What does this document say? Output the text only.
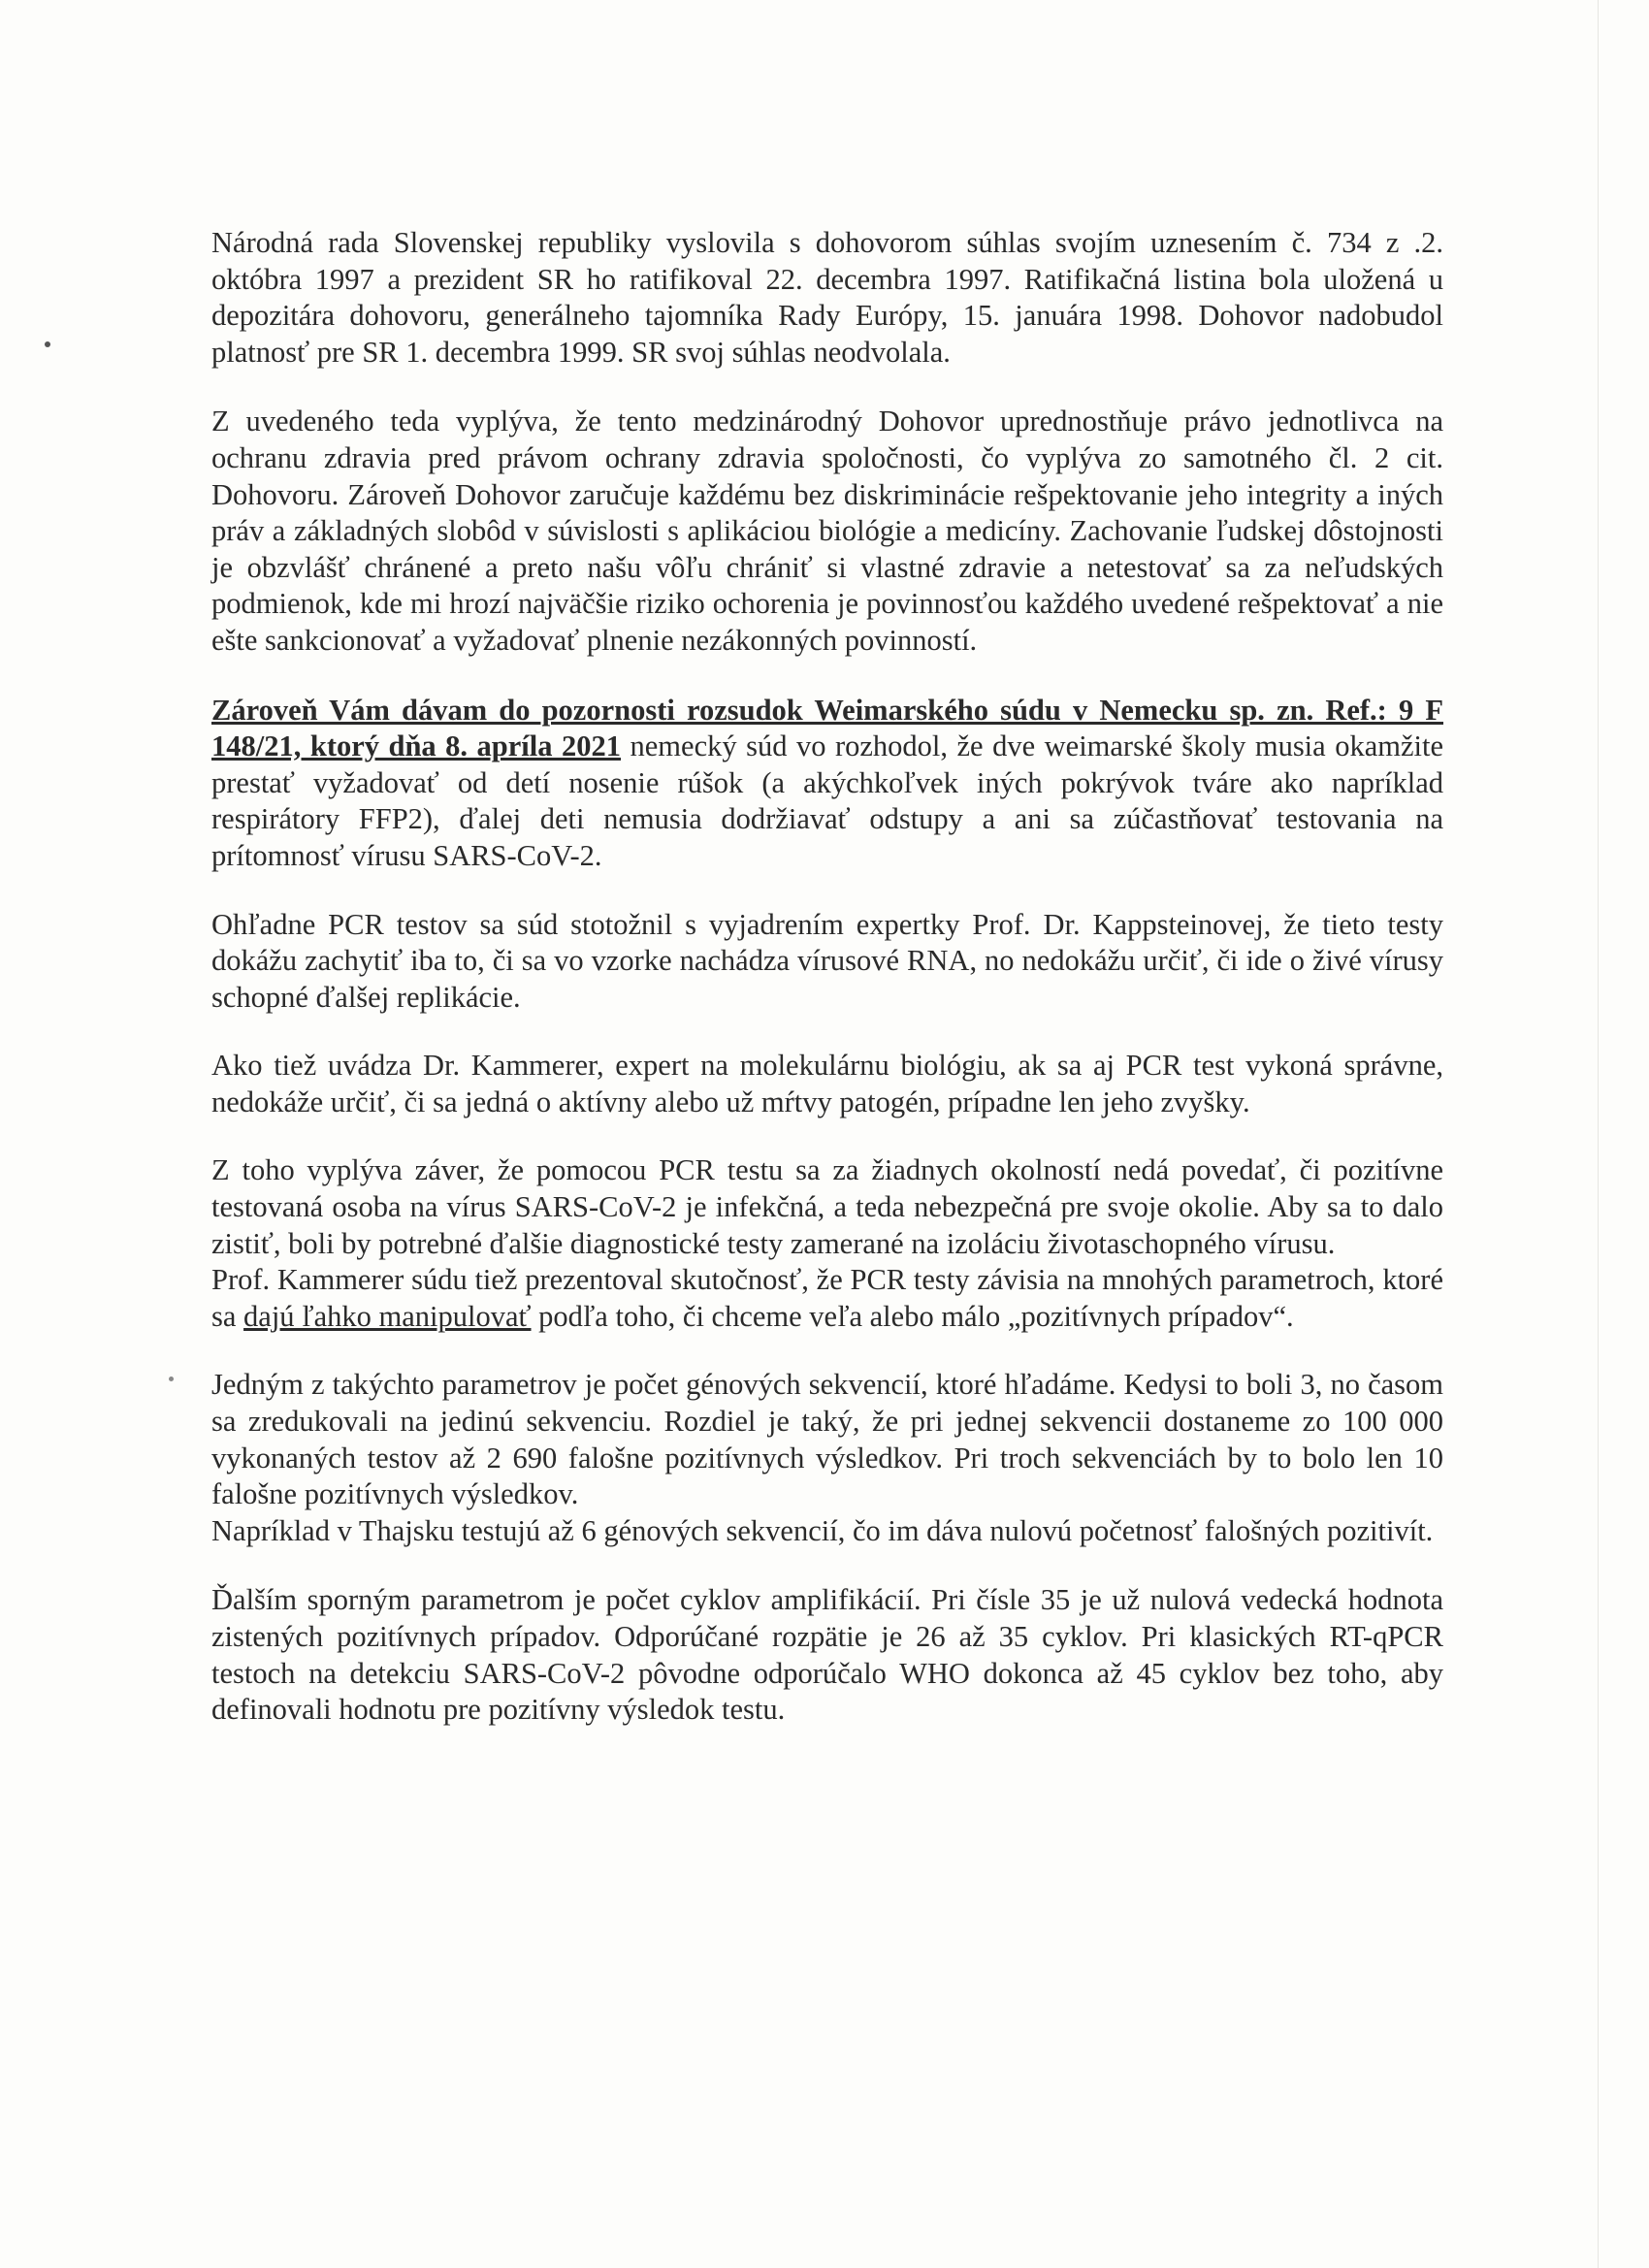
Národná rada Slovenskej republiky vyslovila s dohovorom súhlas svojím uznesením č. 734 z .2. októbra 1997 a prezident SR ho ratifikoval 22. decembra 1997. Ratifikačná listina bola uložená u depozitára dohovoru, generálneho tajomníka Rady Európy, 15. januára 1998. Dohovor nadobudol platnosť pre SR 1. decembra 1999. SR svoj súhlas neodvolala.

Z uvedeného teda vyplýva, že tento medzinárodný Dohovor uprednostňuje právo jednotlivca na ochranu zdravia pred právom ochrany zdravia spoločnosti, čo vyplýva zo samotného čl. 2 cit. Dohovoru. Zároveň Dohovor zaručuje každému bez diskriminácie rešpektovanie jeho integrity a iných práv a základných slobôd v súvislosti s aplikáciou biológie a medicíny. Zachovanie ľudskej dôstojnosti je obzvlášť chránené a preto našu vôľu chrániť si vlastné zdravie a netestovať sa za neľudských podmienok, kde mi hrozí najväčšie riziko ochorenia je povinnosťou každého uvedené rešpektovať a nie ešte sankcionovať a vyžadovať plnenie nezákonných povinností.

Zároveň Vám dávam do pozornosti rozsudok Weimarského súdu v Nemecku sp. zn. Ref.: 9 F 148/21, ktorý dňa 8. apríla 2021 nemecký súd vo rozhodol, že dve weimarské školy musia okamžite prestať vyžadovať od detí nosenie rúšok (a akýchkoľvek iných pokrývok tváre ako napríklad respirátory FFP2), ďalej deti nemusia dodržiavať odstupy a ani sa zúčastňovať testovania na prítomnosť vírusu SARS-CoV-2.

Ohľadne PCR testov sa súd stotožnil s vyjadrením expertky Prof. Dr. Kappsteinovej, že tieto testy dokážu zachytiť iba to, či sa vo vzorke nachádza vírusové RNA, no nedokážu určiť, či ide o živé vírusy schopné ďalšej replikácie.

Ako tiež uvádza Dr. Kammerer, expert na molekulárnu biológiu, ak sa aj PCR test vykoná správne, nedokáže určiť, či sa jedná o aktívny alebo už mŕtvy patogén, prípadne len jeho zvyšky.

Z toho vyplýva záver, že pomocou PCR testu sa za žiadnych okolností nedá povedať, či pozitívne testovaná osoba na vírus SARS-CoV-2 je infekčná, a teda nebezpečná pre svoje okolie. Aby sa to dalo zistiť, boli by potrebné ďalšie diagnostické testy zamerané na izoláciu životaschopného vírusu.

Prof. Kammerer súdu tiež prezentoval skutočnosť, že PCR testy závisia na mnohých parametroch, ktoré sa dajú ľahko manipulovať podľa toho, či chceme veľa alebo málo „pozitívnych prípadov“.

Jedným z takýchto parametrov je počet génových sekvencií, ktoré hľadáme. Kedysi to boli 3, no časom sa zredukovali na jedinú sekvenciu. Rozdiel je taký, že pri jednej sekvencii dostaneme zo 100 000 vykonaných testov až 2 690 falošne pozitívnych výsledkov. Pri troch sekvenciách by to bolo len 10 falošne pozitívnych výsledkov.

Napríklad v Thajsku testujú až 6 génových sekvencií, čo im dáva nulovú početnosť falošných pozitivít.

Ďalším sporným parametrom je počet cyklov amplifikácií. Pri čísle 35 je už nulová vedecká hodnota zistených pozitívnych prípadov. Odporúčané rozpätie je 26 až 35 cyklov. Pri klasických RT-qPCR testoch na detekciu SARS-CoV-2 pôvodne odporúčalo WHO dokonca až 45 cyklov bez toho, aby definovali hodnotu pre pozitívny výsledok testu.
